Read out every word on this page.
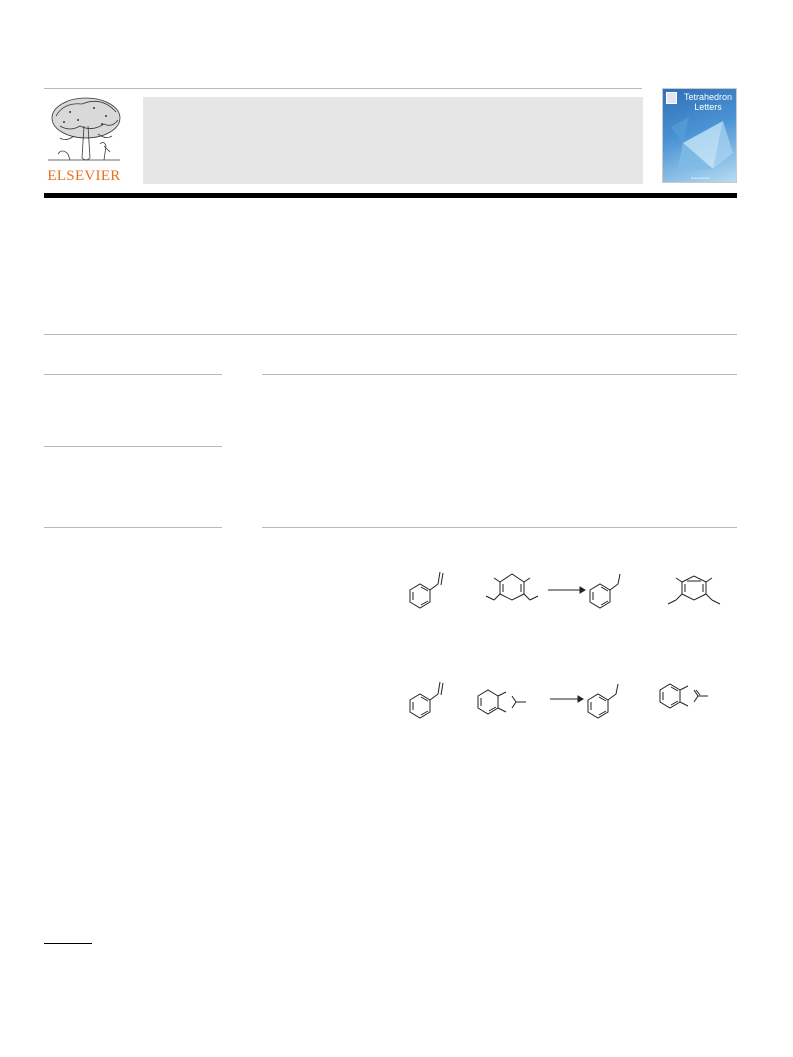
ELSEVIER
Tetrahedron
Letters
ScienceDirect
